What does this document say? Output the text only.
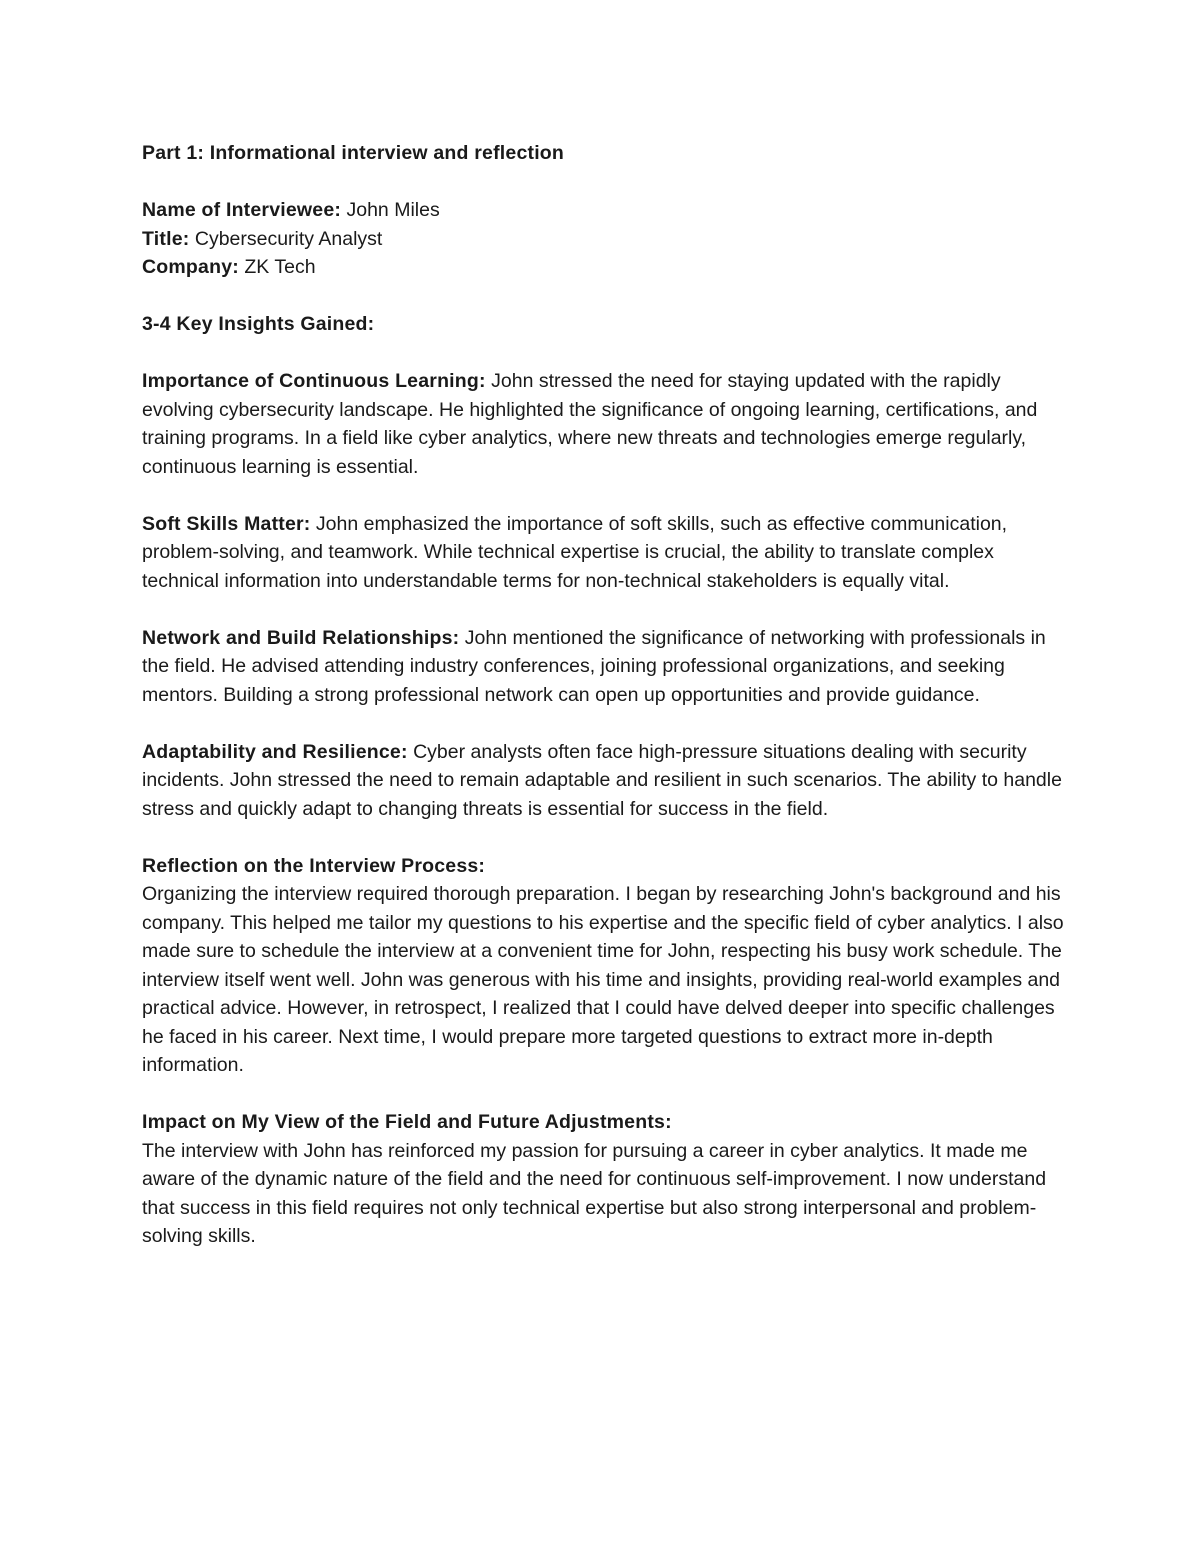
Part 1: Informational interview and reflection

Name of Interviewee: John Miles

Title: Cybersecurity Analyst

Company: ZK Tech

3-4 Key Insights Gained:

Importance of Continuous Learning: John stressed the need for staying updated with the rapidly evolving cybersecurity landscape. He highlighted the significance of ongoing learning, certifications, and training programs. In a field like cyber analytics, where new threats and technologies emerge regularly, continuous learning is essential.

Soft Skills Matter: John emphasized the importance of soft skills, such as effective communication, problem-solving, and teamwork. While technical expertise is crucial, the ability to translate complex technical information into understandable terms for non-technical stakeholders is equally vital.

Network and Build Relationships: John mentioned the significance of networking with professionals in the field. He advised attending industry conferences, joining professional organizations, and seeking mentors. Building a strong professional network can open up opportunities and provide guidance.

Adaptability and Resilience: Cyber analysts often face high-pressure situations dealing with security incidents. John stressed the need to remain adaptable and resilient in such scenarios. The ability to handle stress and quickly adapt to changing threats is essential for success in the field.

Reflection on the Interview Process:

Organizing the interview required thorough preparation. I began by researching John's background and his company. This helped me tailor my questions to his expertise and the specific field of cyber analytics. I also made sure to schedule the interview at a convenient time for John, respecting his busy work schedule. The interview itself went well. John was generous with his time and insights, providing real-world examples and practical advice. However, in retrospect, I realized that I could have delved deeper into specific challenges he faced in his career. Next time, I would prepare more targeted questions to extract more in-depth information.

Impact on My View of the Field and Future Adjustments:

The interview with John has reinforced my passion for pursuing a career in cyber analytics. It made me aware of the dynamic nature of the field and the need for continuous self-improvement. I now understand that success in this field requires not only technical expertise but also strong interpersonal and problem-solving skills.
